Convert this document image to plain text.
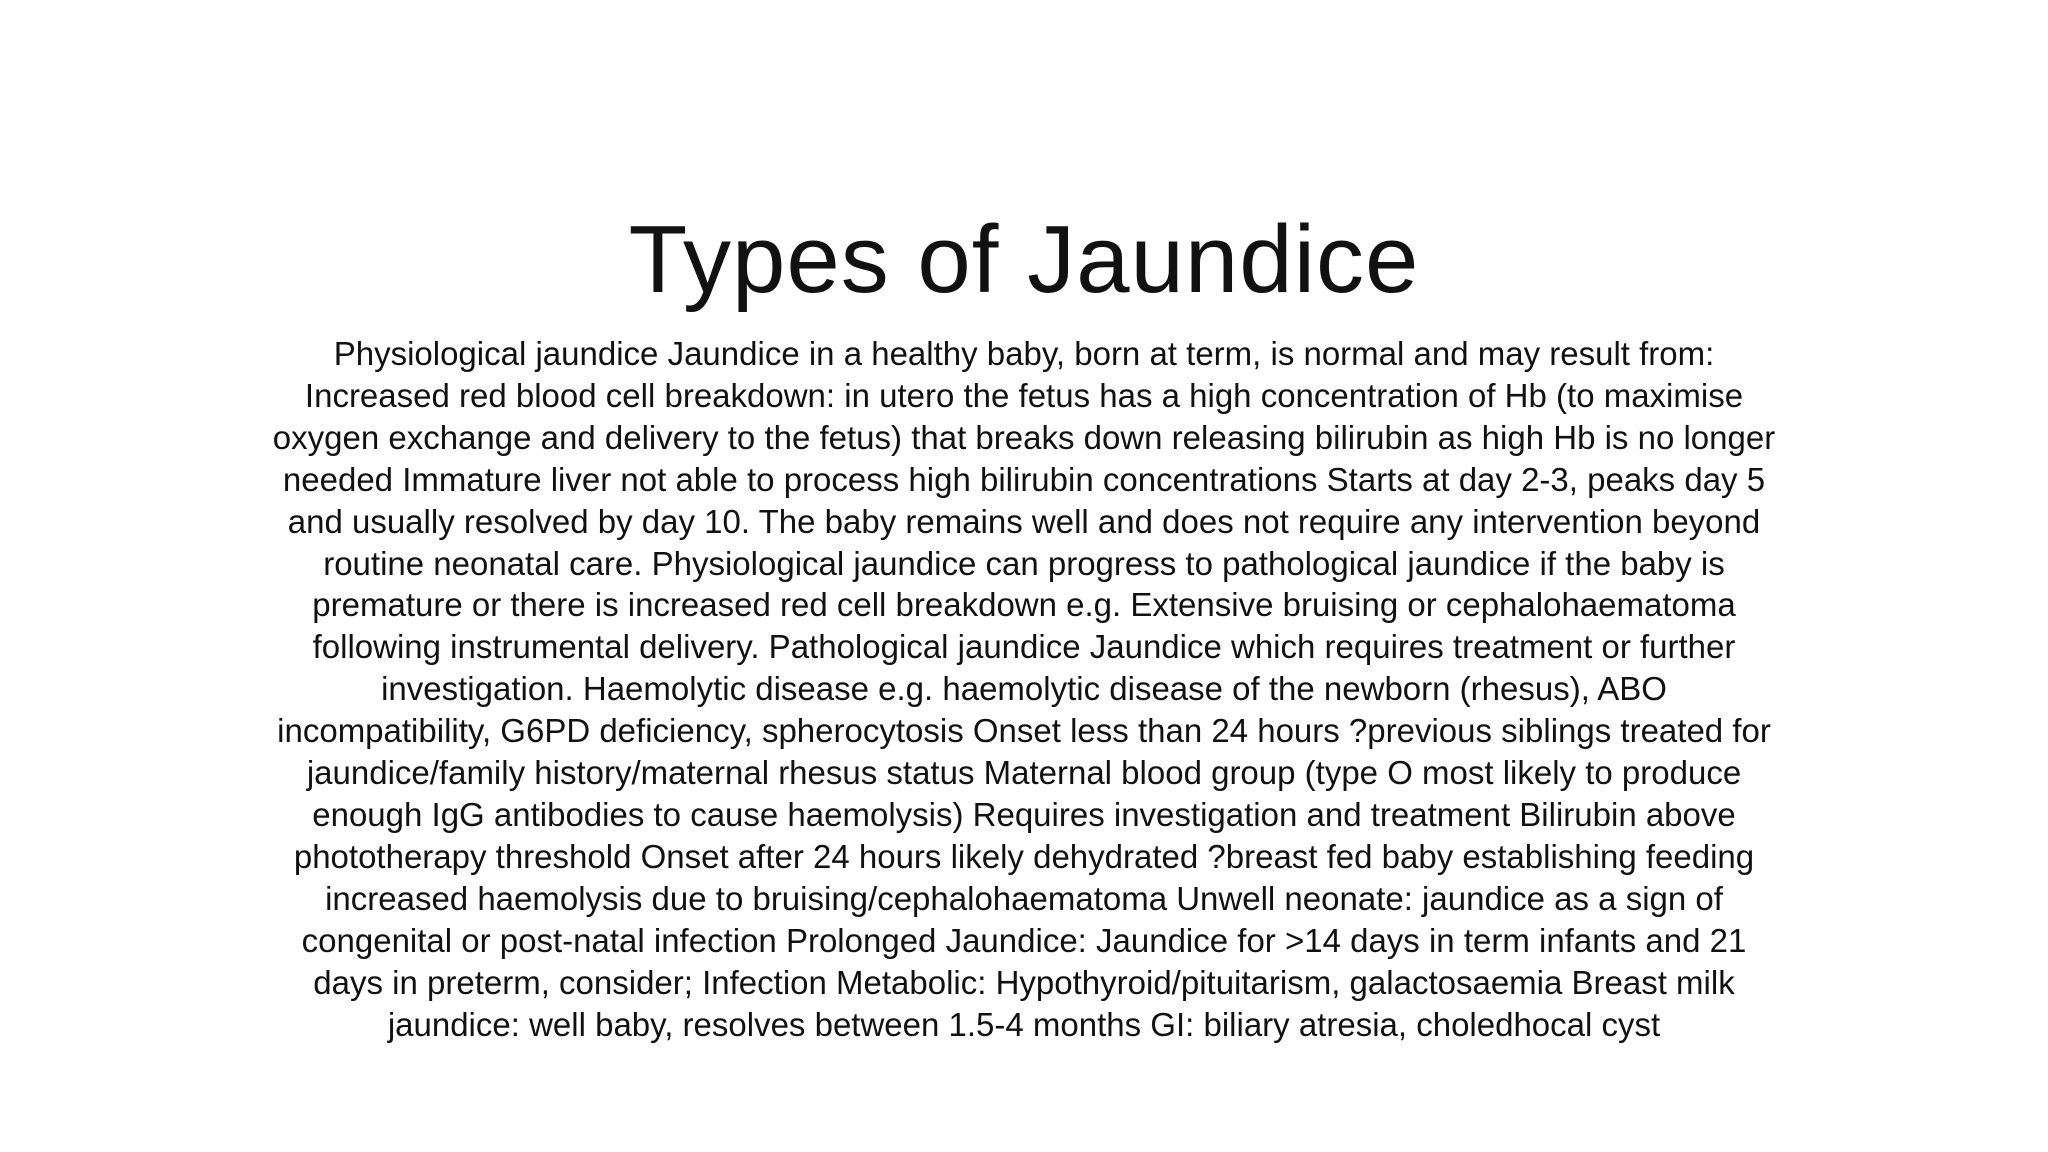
Types of Jaundice

Physiological jaundice Jaundice in a healthy baby, born at term, is normal and may result from: Increased red blood cell breakdown: in utero the fetus has a high concentration of Hb (to maximise oxygen exchange and delivery to the fetus) that breaks down releasing bilirubin as high Hb is no longer needed Immature liver not able to process high bilirubin concentrations Starts at day 2-3, peaks day 5 and usually resolved by day 10. The baby remains well and does not require any intervention beyond routine neonatal care. Physiological jaundice can progress to pathological jaundice if the baby is premature or there is increased red cell breakdown e.g. Extensive bruising or cephalohaematoma following instrumental delivery. Pathological jaundice Jaundice which requires treatment or further investigation. Haemolytic disease e.g. haemolytic disease of the newborn (rhesus), ABO incompatibility, G6PD deficiency, spherocytosis Onset less than 24 hours ?previous siblings treated for jaundice/family history/maternal rhesus status Maternal blood group (type O most likely to produce enough IgG antibodies to cause haemolysis) Requires investigation and treatment Bilirubin above phototherapy threshold Onset after 24 hours likely dehydrated ?breast fed baby establishing feeding increased haemolysis due to bruising/cephalohaematoma Unwell neonate: jaundice as a sign of congenital or post-natal infection Prolonged Jaundice: Jaundice for >14 days in term infants and 21 days in preterm, consider; Infection Metabolic: Hypothyroid/pituitarism, galactosaemia Breast milk jaundice: well baby, resolves between 1.5-4 months GI: biliary atresia, choledhocal cyst
